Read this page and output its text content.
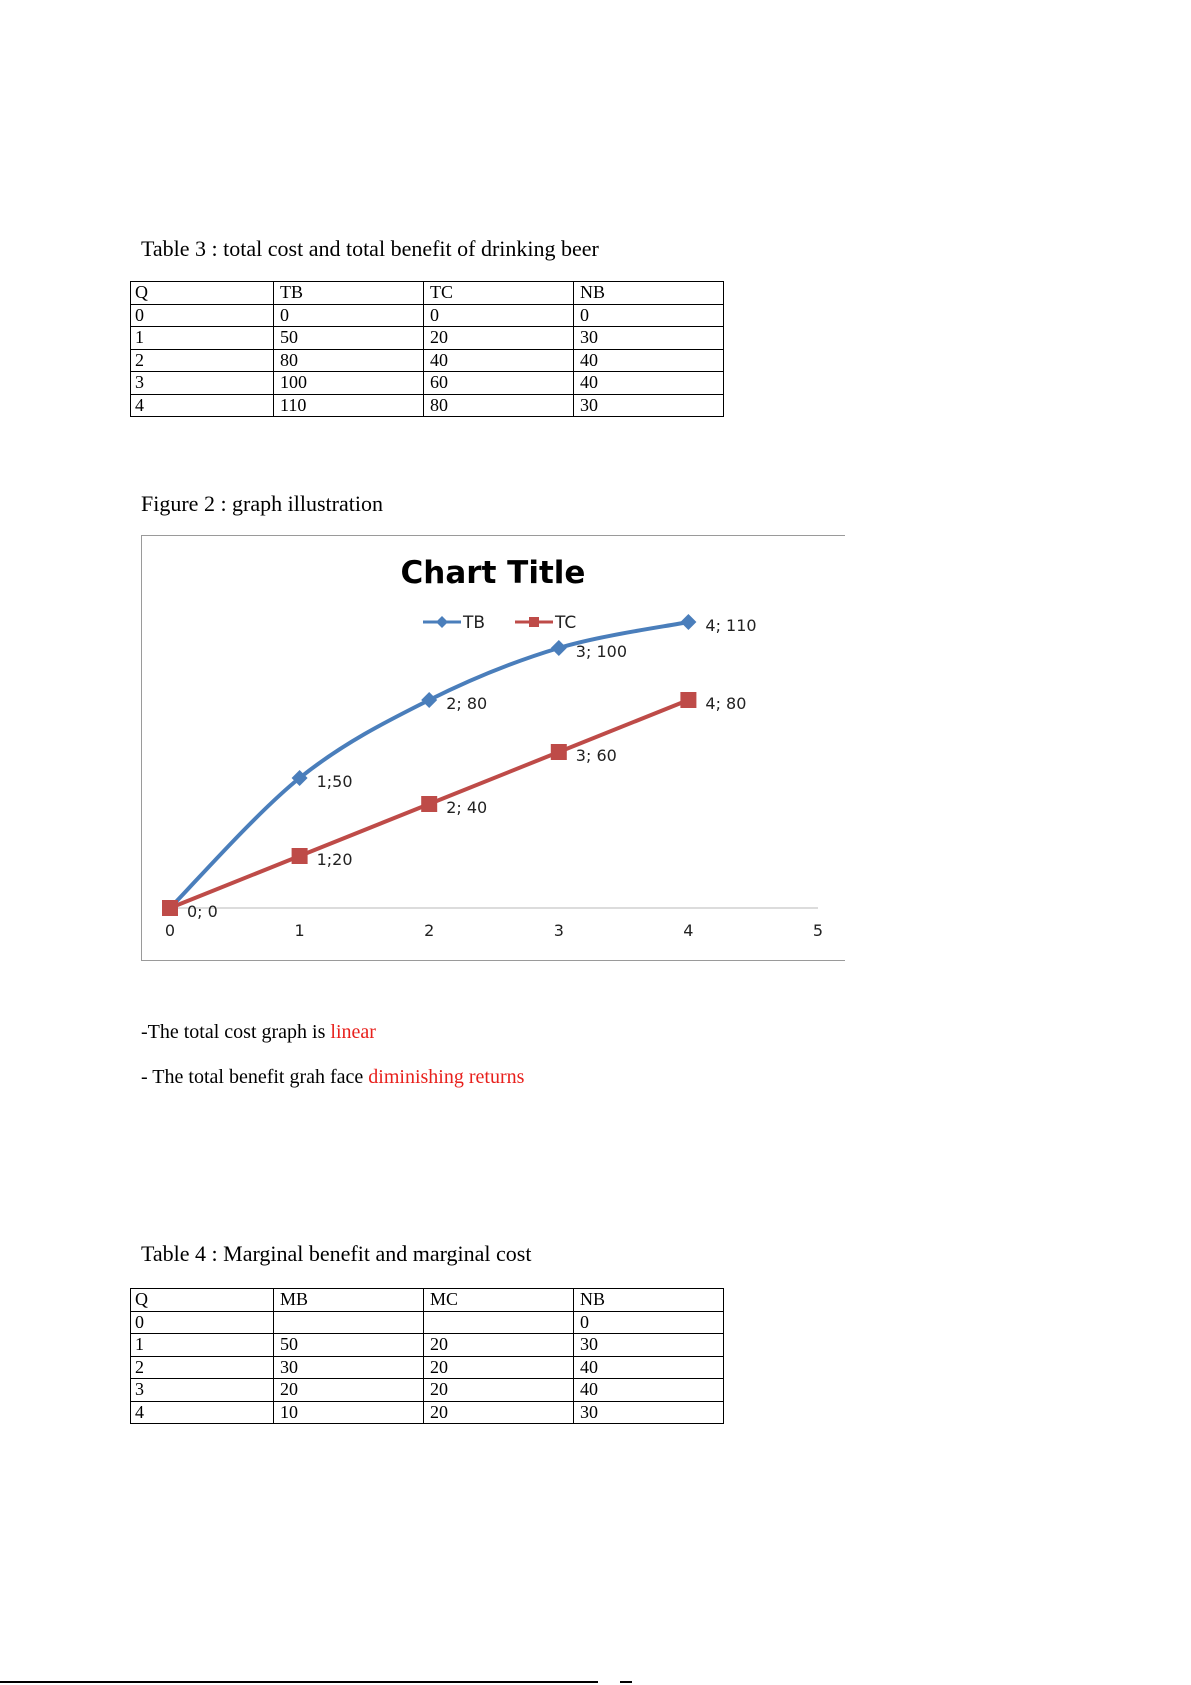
Table 3 : total cost and total benefit of drinking beer
Q	TB	TC	NB
0	0	0	0
1	50	20	30
2	80	40	40
3	100	60	40
4	110	80	30
Figure 2 : graph illustration
Chart Title
TB	TC
0	1	2	3	4	5
1;50
2; 80
3; 100
4; 110
0; 0
1;20
2; 40
3; 60
4; 80
-The total cost graph is linear
- The total benefit grah face diminishing returns
Table 4 : Marginal benefit and marginal cost
Q	MB	MC	NB
0			0
1	50	20	30
2	30	20	40
3	20	20	40
4	10	20	30
